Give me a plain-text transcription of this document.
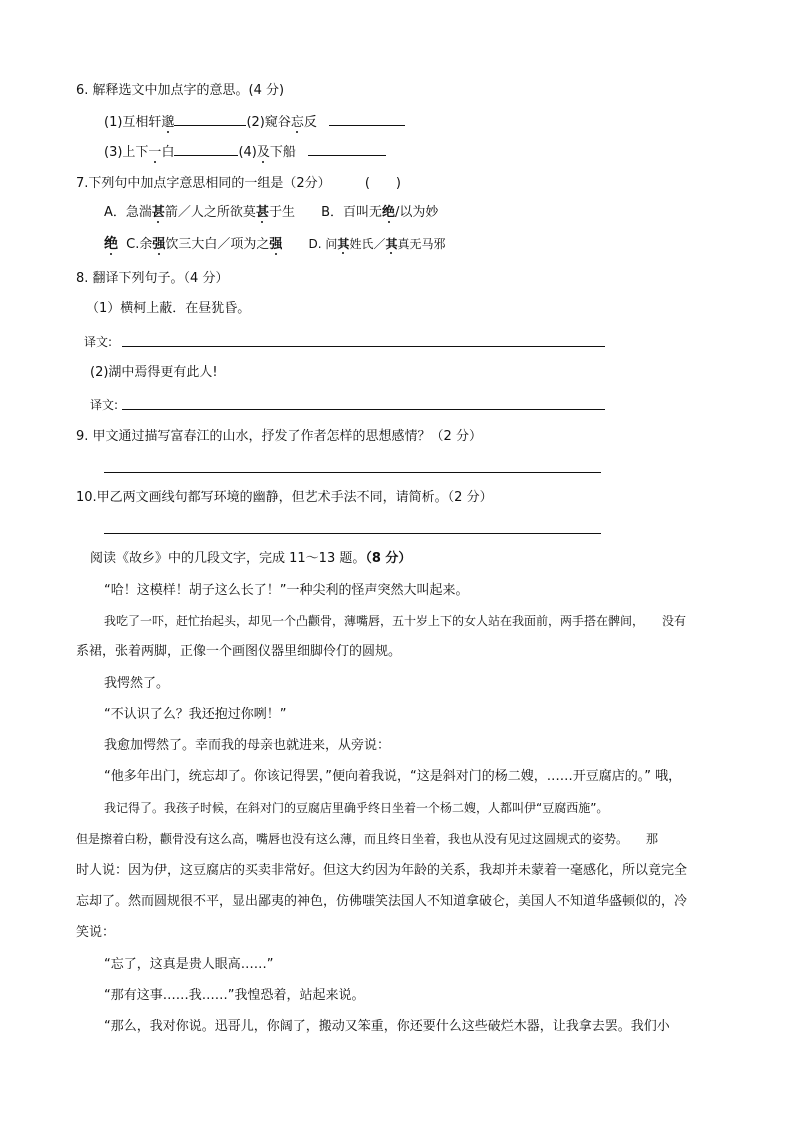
6. 解释选文中加点字的意思。(4 分)
(1)互相轩邈	(2)窥谷忘反
(3)上下一白	(4)及下船
7.下列句中加点字意思相同的一组是（2分）	(　　)
A．急湍甚箭／人之所欲莫甚于生 B．百叫无绝/以为妙
绝 C.余强饮三大白／项为之强 D. 问其姓氏／其真无马邪
8. 翻译下列句子。（4 分）
（1）横柯上蔽．在昼犹昏。
译文:
(2)湖中焉得更有此人!
译文:
9. 甲文通过描写富春江的山水，抒发了作者怎样的思想感情？（2 分）
10.甲乙两文画线句都写环境的幽静，但艺术手法不同，请简析。（2 分）
阅读《故乡》中的几段文字，完成 11～13 题。（8 分）
“哈！这模样！胡子这么长了！”一种尖利的怪声突然大叫起来。
我吃了一吓，赶忙抬起头，却见一个凸颧骨，薄嘴唇，五十岁上下的女人站在我面前，两手搭在髀间，　　没有
系裙，张着两脚，正像一个画图仪器里细脚伶仃的圆规。
我愕然了。
“不认识了么？我还抱过你咧！”
我愈加愕然了。幸而我的母亲也就进来，从旁说：
“他多年出门，统忘却了。你该记得罢，”便向着我说，“这是斜对门的杨二嫂，……开豆腐店的。” 哦，
我记得了。我孩子时候，在斜对门的豆腐店里确乎终日坐着一个杨二嫂，人都叫伊“豆腐西施”。
但是擦着白粉，颧骨没有这么高，嘴唇也没有这么薄，而且终日坐着，我也从没有见过这圆规式的姿势。　　那
时人说：因为伊，这豆腐店的买卖非常好。但这大约因为年龄的关系，我却并未蒙着一毫感化，所以竟完全
忘却了。然而圆规很不平，显出鄙夷的神色，仿佛嗤笑法国人不知道拿破仑，美国人不知道华盛顿似的，冷
笑说：
“忘了，这真是贵人眼高……”
“那有这事……我……”我惶恐着，站起来说。
“那么，我对你说。迅哥儿，你阔了，搬动又笨重，你还要什么这些破烂木器，让我拿去罢。我们小
